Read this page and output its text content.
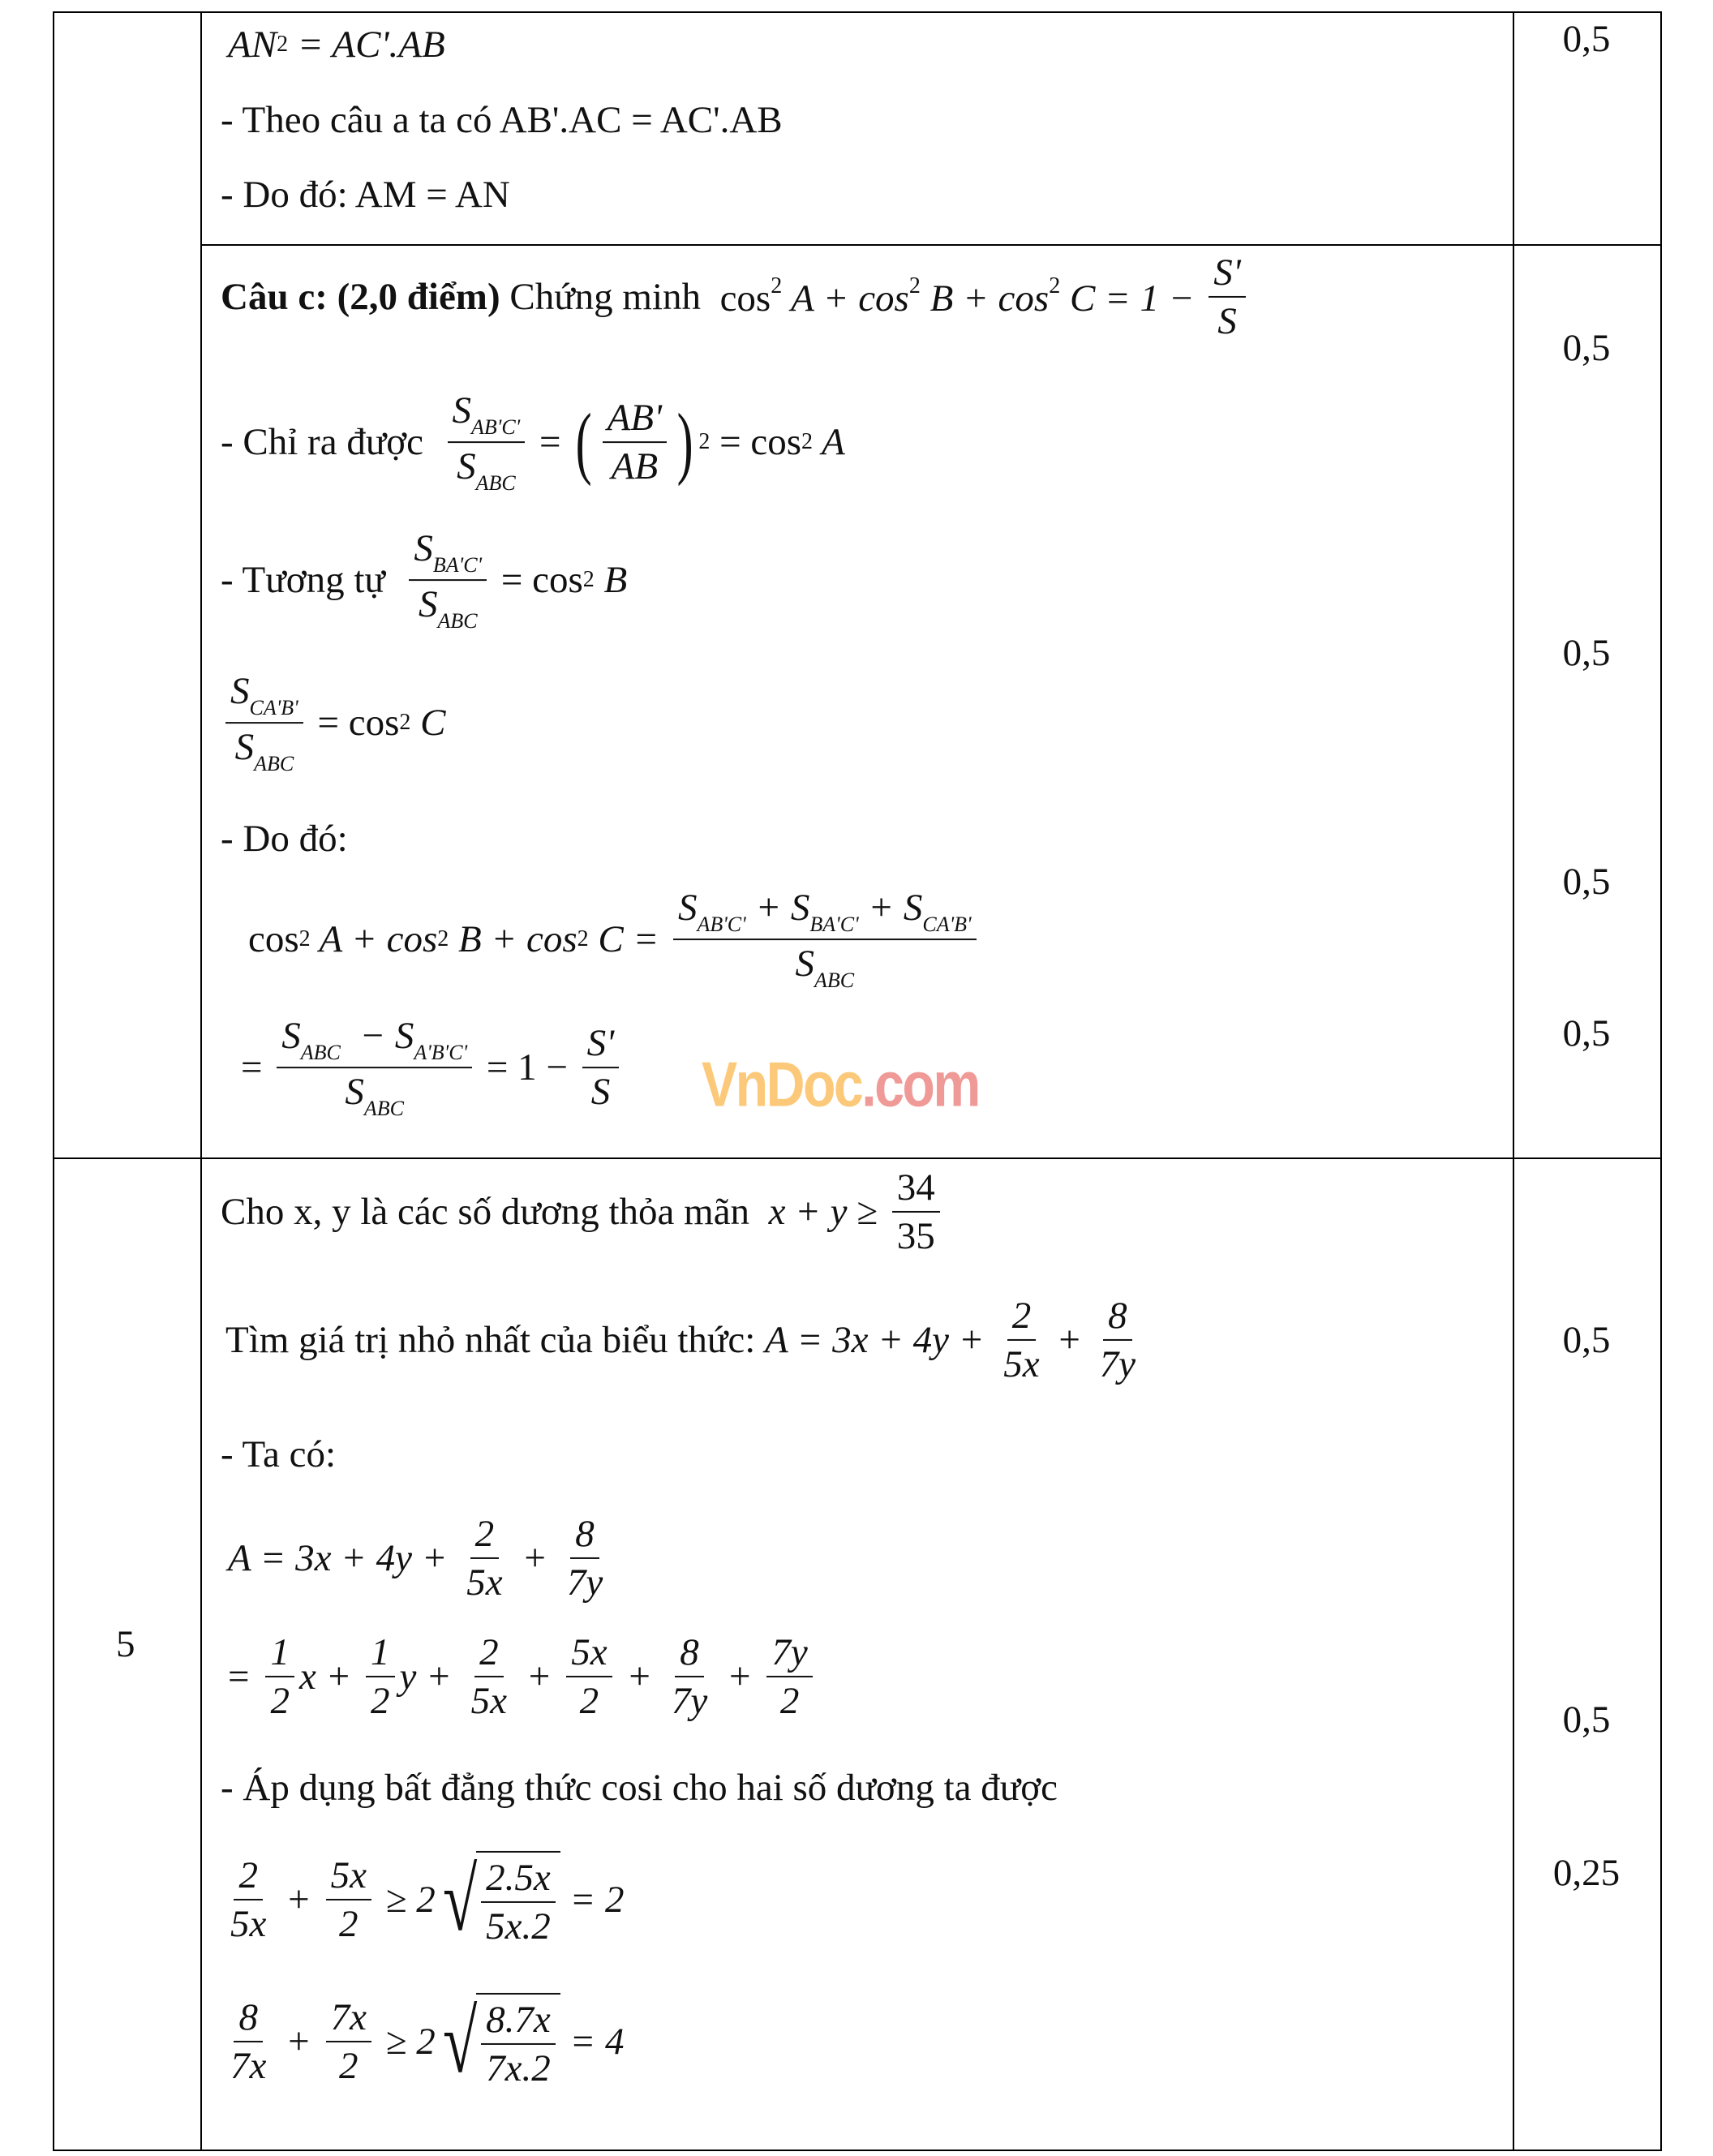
AN 2 = AC'.AB
- Theo câu a ta có AB'.AC = AC'.AB
- Do đó: AM = AN
0,5
Câu c: (2,0 điểm) Chứng minh $\cos^2 A + \cos^2 B + \cos^2 C = 1 - \frac{S'}{S}$
- Chỉ ra được $\frac{S_{AB'C'}}{S_{ABC}}$ = ( $\frac{AB'}{AB}$ ) 2 = cos 2 A
- Tương tự $\frac{S_{BA'C'}}{S_{ABC}} = \cos 2$ B
$\frac{S_{CA'B'}}{S_{ABC}} = \cos 2$ C
- Do đó:
cos 2 A + cos 2 B + cos 2 $C = \frac{S_{AB'C'} + S_{BA'C'} + S_{CA'B'}}{S_{ABC}}$
= $\frac{S_{ABC} - S_{A'B'C'}}{S_{ABC}} = 1 - \frac{S'}{S}$ VnDoc.com
0,5
0,5
0,5
0,5
5
Cho x, y là các số dương thỏa mãn $x + y \ge \frac{34}{35}$
Tìm giá trị nhỏ nhất của biểu thức: $A = 3x + 4y + \frac{2}{5x} + \frac{8}{7y}$
- Ta có:
$A = 3x + 4y + \frac{2}{5x} + \frac{8}{7y}$
= $\frac{1}{2}$ $x + \frac{1}{2}$ $y + \frac{2}{5x} + \frac{5x}{2} + \frac{8}{7y} + \frac{7y}{2}$
- Áp dụng bất đẳng thức cosi cho hai số dương ta được
$\frac{2}{5x} + \frac{5x}{2} \ge 2$ √ $\frac{2.5x}{5x.2} = 2$
$\frac{8}{7x} + \frac{7x}{2} \ge 2$ √ $\frac{8.7x}{7x.2} = 4$
0,5
0,5
0,25
